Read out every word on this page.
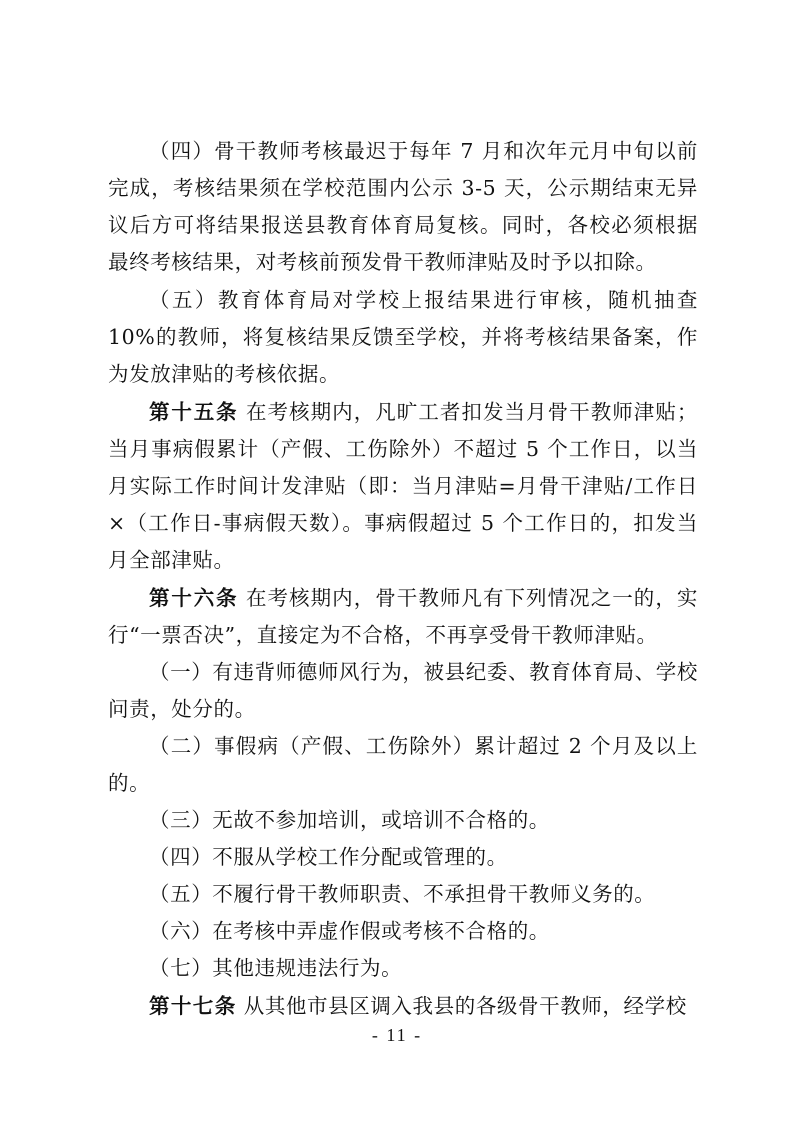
（四）骨干教师考核最迟于每年 7 月和次年元月中旬以前完成，考核结果须在学校范围内公示 3-5 天，公示期结束无异议后方可将结果报送县教育体育局复核。同时，各校必须根据最终考核结果，对考核前预发骨干教师津贴及时予以扣除。

（五）教育体育局对学校上报结果进行审核，随机抽查 10%的教师，将复核结果反馈至学校，并将考核结果备案，作为发放津贴的考核依据。

第十五条 在考核期内，凡旷工者扣发当月骨干教师津贴；当月事病假累计（产假、工伤除外）不超过 5 个工作日，以当月实际工作时间计发津贴（即：当月津贴=月骨干津贴/工作日×（工作日-事病假天数）。事病假超过 5 个工作日的，扣发当月全部津贴。

第十六条 在考核期内，骨干教师凡有下列情况之一的，实行“一票否决”，直接定为不合格，不再享受骨干教师津贴。

（一）有违背师德师风行为，被县纪委、教育体育局、学校问责，处分的。

（二）事假病（产假、工伤除外）累计超过 2 个月及以上的。

（三）无故不参加培训，或培训不合格的。

（四）不服从学校工作分配或管理的。

（五）不履行骨干教师职责、不承担骨干教师义务的。

（六）在考核中弄虚作假或考核不合格的。

（七）其他违规违法行为。

第十七条 从其他市县区调入我县的各级骨干教师，经学校

- 11 -
